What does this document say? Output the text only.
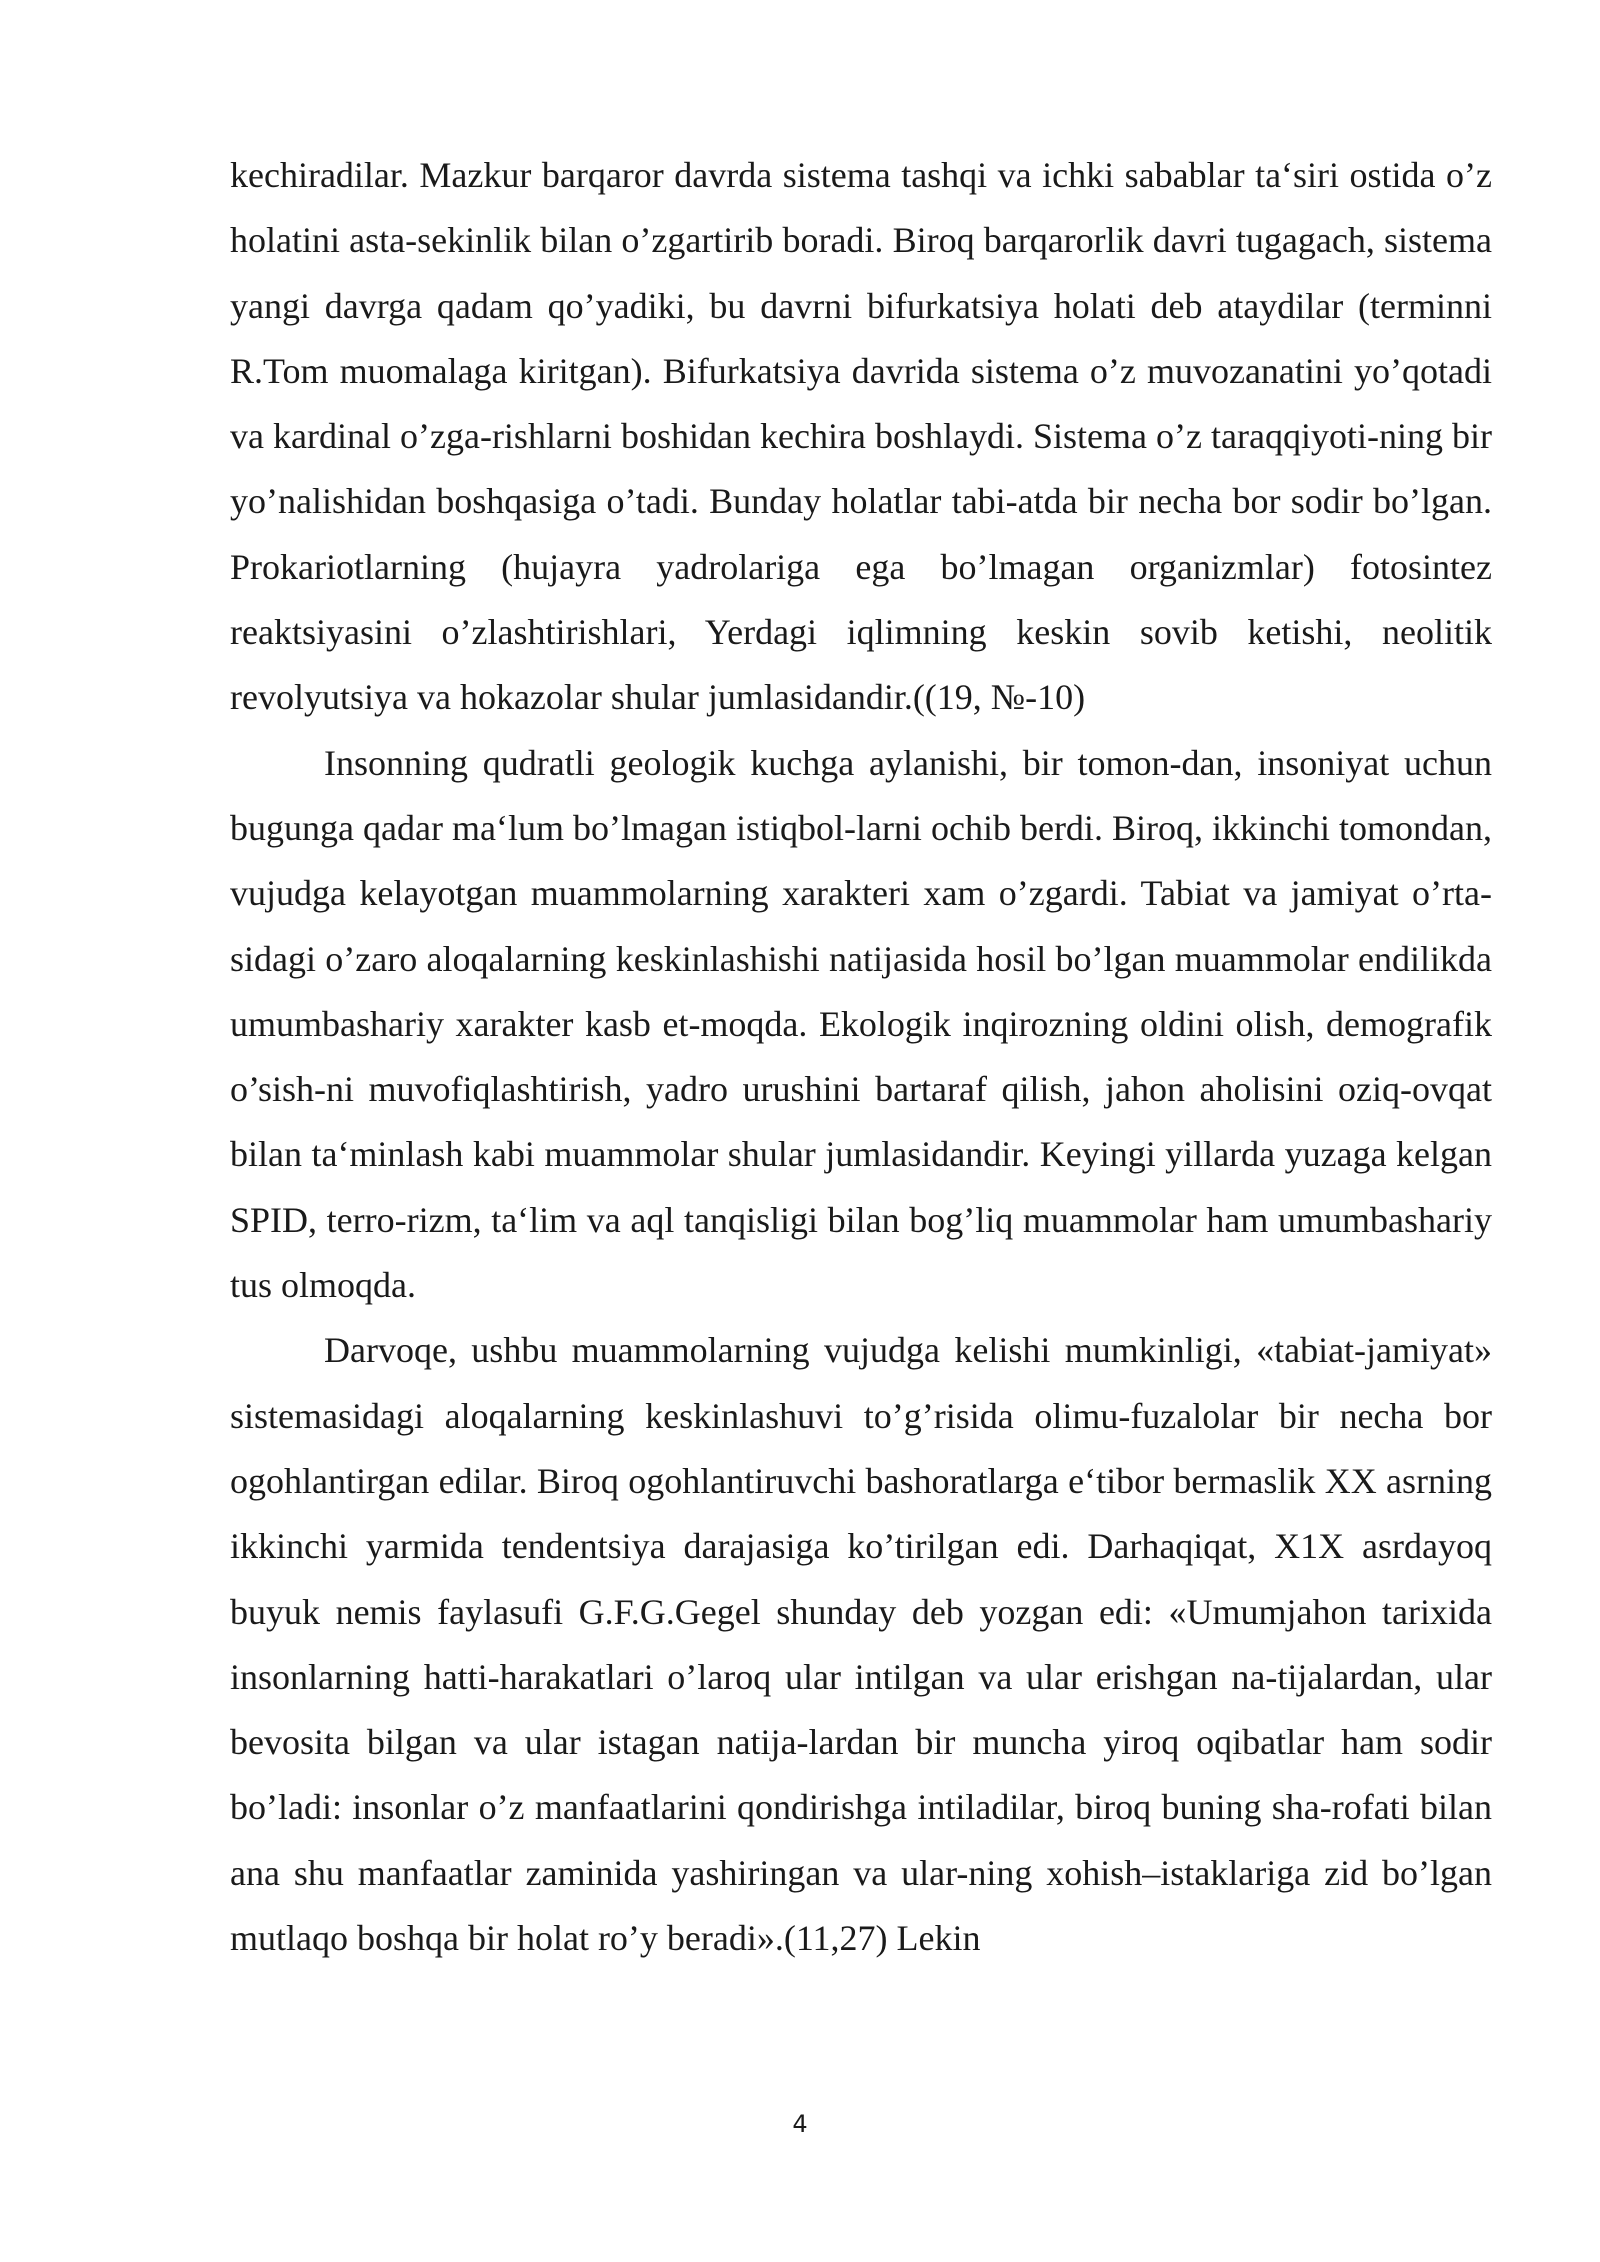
kechiradilar. Mazkur barqaror davrda sistema tashqi va ichki sabablar ta‘siri ostida o’z holatini asta-sekinlik bilan o’zgartirib boradi. Biroq barqarorlik davri tugagach, sistema yangi davrga qadam qo’yadiki, bu davrni bifurkatsiya holati deb ataydilar (terminni R.Tom muomalaga kiritgan). Bifurkatsiya davrida sistema o’z muvozanatini yo’qotadi va kardinal o’zga-rishlarni boshidan kechira boshlaydi. Sistema o’z taraqqiyoti-ning bir yo’nalishidan boshqasiga o’tadi. Bunday holatlar tabi-atda bir necha bor sodir bo’lgan. Prokariotlarning (hujayra yadrolariga ega bo’lmagan organizmlar) fotosintez reaktsiyasini o’zlashtirishlari, Yerdagi iqlimning keskin sovib ketishi, neolitik revolyutsiya va hokazolar shular jumlasidandir.((19, №-10)

Insonning qudratli geologik kuchga aylanishi, bir tomon-dan, insoniyat uchun bugunga qadar ma‘lum bo’lmagan istiqbol-larni ochib berdi. Biroq, ikkinchi tomondan, vujudga kelayotgan muammolarning xarakteri xam o’zgardi. Tabiat va jamiyat o’rta-sidagi o’zaro aloqalarning keskinlashishi natijasida hosil bo’lgan muammolar endilikda umumbashariy xarakter kasb et-moqda. Ekologik inqirozning oldini olish, demografik o’sish-ni muvofiqlashtirish, yadro urushini bartaraf qilish, jahon aholisini oziq-ovqat bilan ta‘minlash kabi muammolar shular jumlasidandir. Keyingi yillarda yuzaga kelgan SPID, terro-rizm, ta‘lim va aql tanqisligi bilan bog’liq muammolar ham umumbashariy tus olmoqda.

Darvoqe, ushbu muammolarning vujudga kelishi mumkinligi, «tabiat-jamiyat» sistemasidagi aloqalarning keskinlashuvi to’g’risida olimu-fuzalolar bir necha bor ogohlantirgan edilar. Biroq ogohlantiruvchi bashoratlarga e‘tibor bermaslik XX asrning ikkinchi yarmida tendentsiya darajasiga ko’tirilgan edi. Darhaqiqat, X1X asrdayoq buyuk nemis faylasufi G.F.G.Gegel shunday deb yozgan edi: «Umumjahon tarixida insonlarning hatti-harakatlari o’laroq ular intilgan va ular erishgan na-tijalardan, ular bevosita bilgan va ular istagan natija-lardan bir muncha yiroq oqibatlar ham sodir bo’ladi: insonlar o’z manfaatlarini qondirishga intiladilar, biroq buning sha-rofati bilan ana shu manfaatlar zaminida yashiringan va ular-ning xohish–istaklariga zid bo’lgan mutlaqo boshqa bir holat ro’y beradi».(11,27) Lekin

4
